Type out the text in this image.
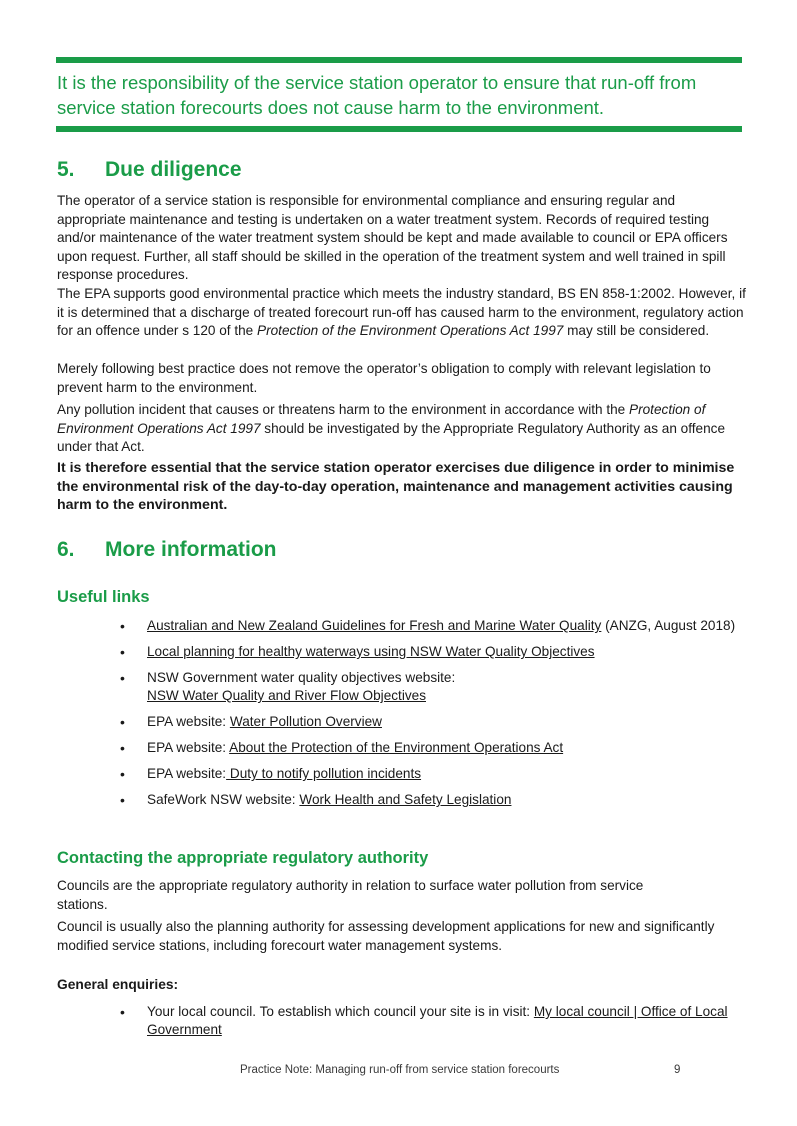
It is the responsibility of the service station operator to ensure that run-off from service station forecourts does not cause harm to the environment.
5. Due diligence

The operator of a service station is responsible for environmental compliance and ensuring regular and appropriate maintenance and testing is undertaken on a water treatment system. Records of required testing and/or maintenance of the water treatment system should be kept and made available to council or EPA officers upon request. Further, all staff should be skilled in the operation of the treatment system and well trained in spill response procedures.

The EPA supports good environmental practice which meets the industry standard, BS EN 858-1:2002. However, if it is determined that a discharge of treated forecourt run-off has caused harm to the environment, regulatory action for an offence under s 120 of the Protection of the Environment Operations Act 1997 may still be considered.

Merely following best practice does not remove the operator’s obligation to comply with relevant legislation to prevent harm to the environment.

Any pollution incident that causes or threatens harm to the environment in accordance with the Protection of Environment Operations Act 1997 should be investigated by the Appropriate Regulatory Authority as an offence under that Act.

It is therefore essential that the service station operator exercises due diligence in order to minimise the environmental risk of the day-to-day operation, maintenance and management activities causing harm to the environment.

6. More information
Useful links
• Australian and New Zealand Guidelines for Fresh and Marine Water Quality (ANZG, August 2018)
• Local planning for healthy waterways using NSW Water Quality Objectives
• NSW Government water quality objectives website:
NSW Water Quality and River Flow Objectives
• EPA website: Water Pollution Overview
• EPA website: About the Protection of the Environment Operations Act
• EPA website: Duty to notify pollution incidents
• SafeWork NSW website: Work Health and Safety Legislation
Contacting the appropriate regulatory authority

Councils are the appropriate regulatory authority in relation to surface water pollution from service stations.

Council is usually also the planning authority for assessing development applications for new and significantly modified service stations, including forecourt water management systems.

General enquiries:

• Your local council. To establish which council your site is in visit: My local council | Office of Local Government
Practice Note: Managing run-off from service station forecourts	9
